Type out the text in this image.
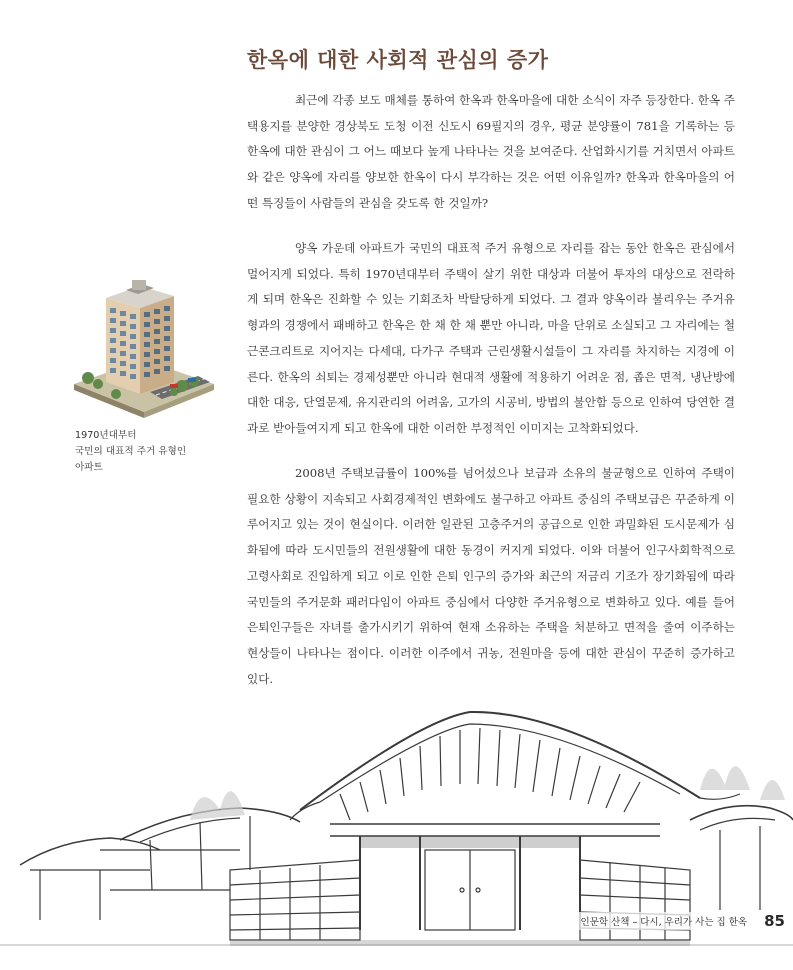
한옥에 대한 사회적 관심의 증가

최근에 각종 보도 매체를 통하여 한옥과 한옥마을에 대한 소식이 자주 등장한다. 한옥 주택용지를 분양한 경상북도 도청 이전 신도시 69필지의 경우, 평균 분양률이 781을 기록하는 등 한옥에 대한 관심이 그 어느 때보다 높게 나타나는 것을 보여준다. 산업화시기를 거치면서 아파트와 같은 양옥에 자리를 양보한 한옥이 다시 부각하는 것은 어떤 이유일까? 한옥과 한옥마을의 어떤 특징들이 사람들의 관심을 갖도록 한 것일까?

양옥 가운데 아파트가 국민의 대표적 주거 유형으로 자리를 잡는 동안 한옥은 관심에서 멀어지게 되었다. 특히 1970년대부터 주택이 살기 위한 대상과 더불어 투자의 대상으로 전락하게 되며 한옥은 진화할 수 있는 기회조차 박탈당하게 되었다. 그 결과 양옥이라 불리우는 주거유형과의 경쟁에서 패배하고 한옥은 한 채 한 채 뿐만 아니라, 마을 단위로 소실되고 그 자리에는 철근콘크리트로 지어지는 다세대, 다가구 주택과 근린생활시설들이 그 자리를 차지하는 지경에 이른다. 한옥의 쇠퇴는 경제성뿐만 아니라 현대적 생활에 적용하기 어려운 점, 좁은 면적, 냉난방에 대한 대응, 단열문제, 유지관리의 어려움, 고가의 시공비, 방법의 불안함 등으로 인하여 당연한 결과로 받아들여지게 되고 한옥에 대한 이러한 부정적인 이미지는 고착화되었다.

2008년 주택보급률이 100%를 넘어섰으나 보급과 소유의 불균형으로 인하여 주택이 필요한 상황이 지속되고 사회경제적인 변화에도 불구하고 아파트 중심의 주택보급은 꾸준하게 이루어지고 있는 것이 현실이다. 이러한 일관된 고층주거의 공급으로 인한 과밀화된 도시문제가 심화됨에 따라 도시민들의 전원생활에 대한 동경이 커지게 되었다. 이와 더불어 인구사회학적으로 고령사회로 진입하게 되고 이로 인한 은퇴 인구의 증가와 최근의 저금리 기조가 장기화됨에 따라 국민들의 주거문화 패러다임이 아파트 중심에서 다양한 주거유형으로 변화하고 있다. 예를 들어 은퇴인구들은 자녀를 출가시키기 위하여 현재 소유하는 주택을 처분하고 면적을 줄여 이주하는 현상들이 나타나는 점이다. 이러한 이주에서 귀농, 전원마을 등에 대한 관심이 꾸준히 증가하고 있다.

1970년대부터
국민의 대표적 주거 유형인
아파트
인문학 산책 – 다시, 우리가 사는 집 한옥 85
